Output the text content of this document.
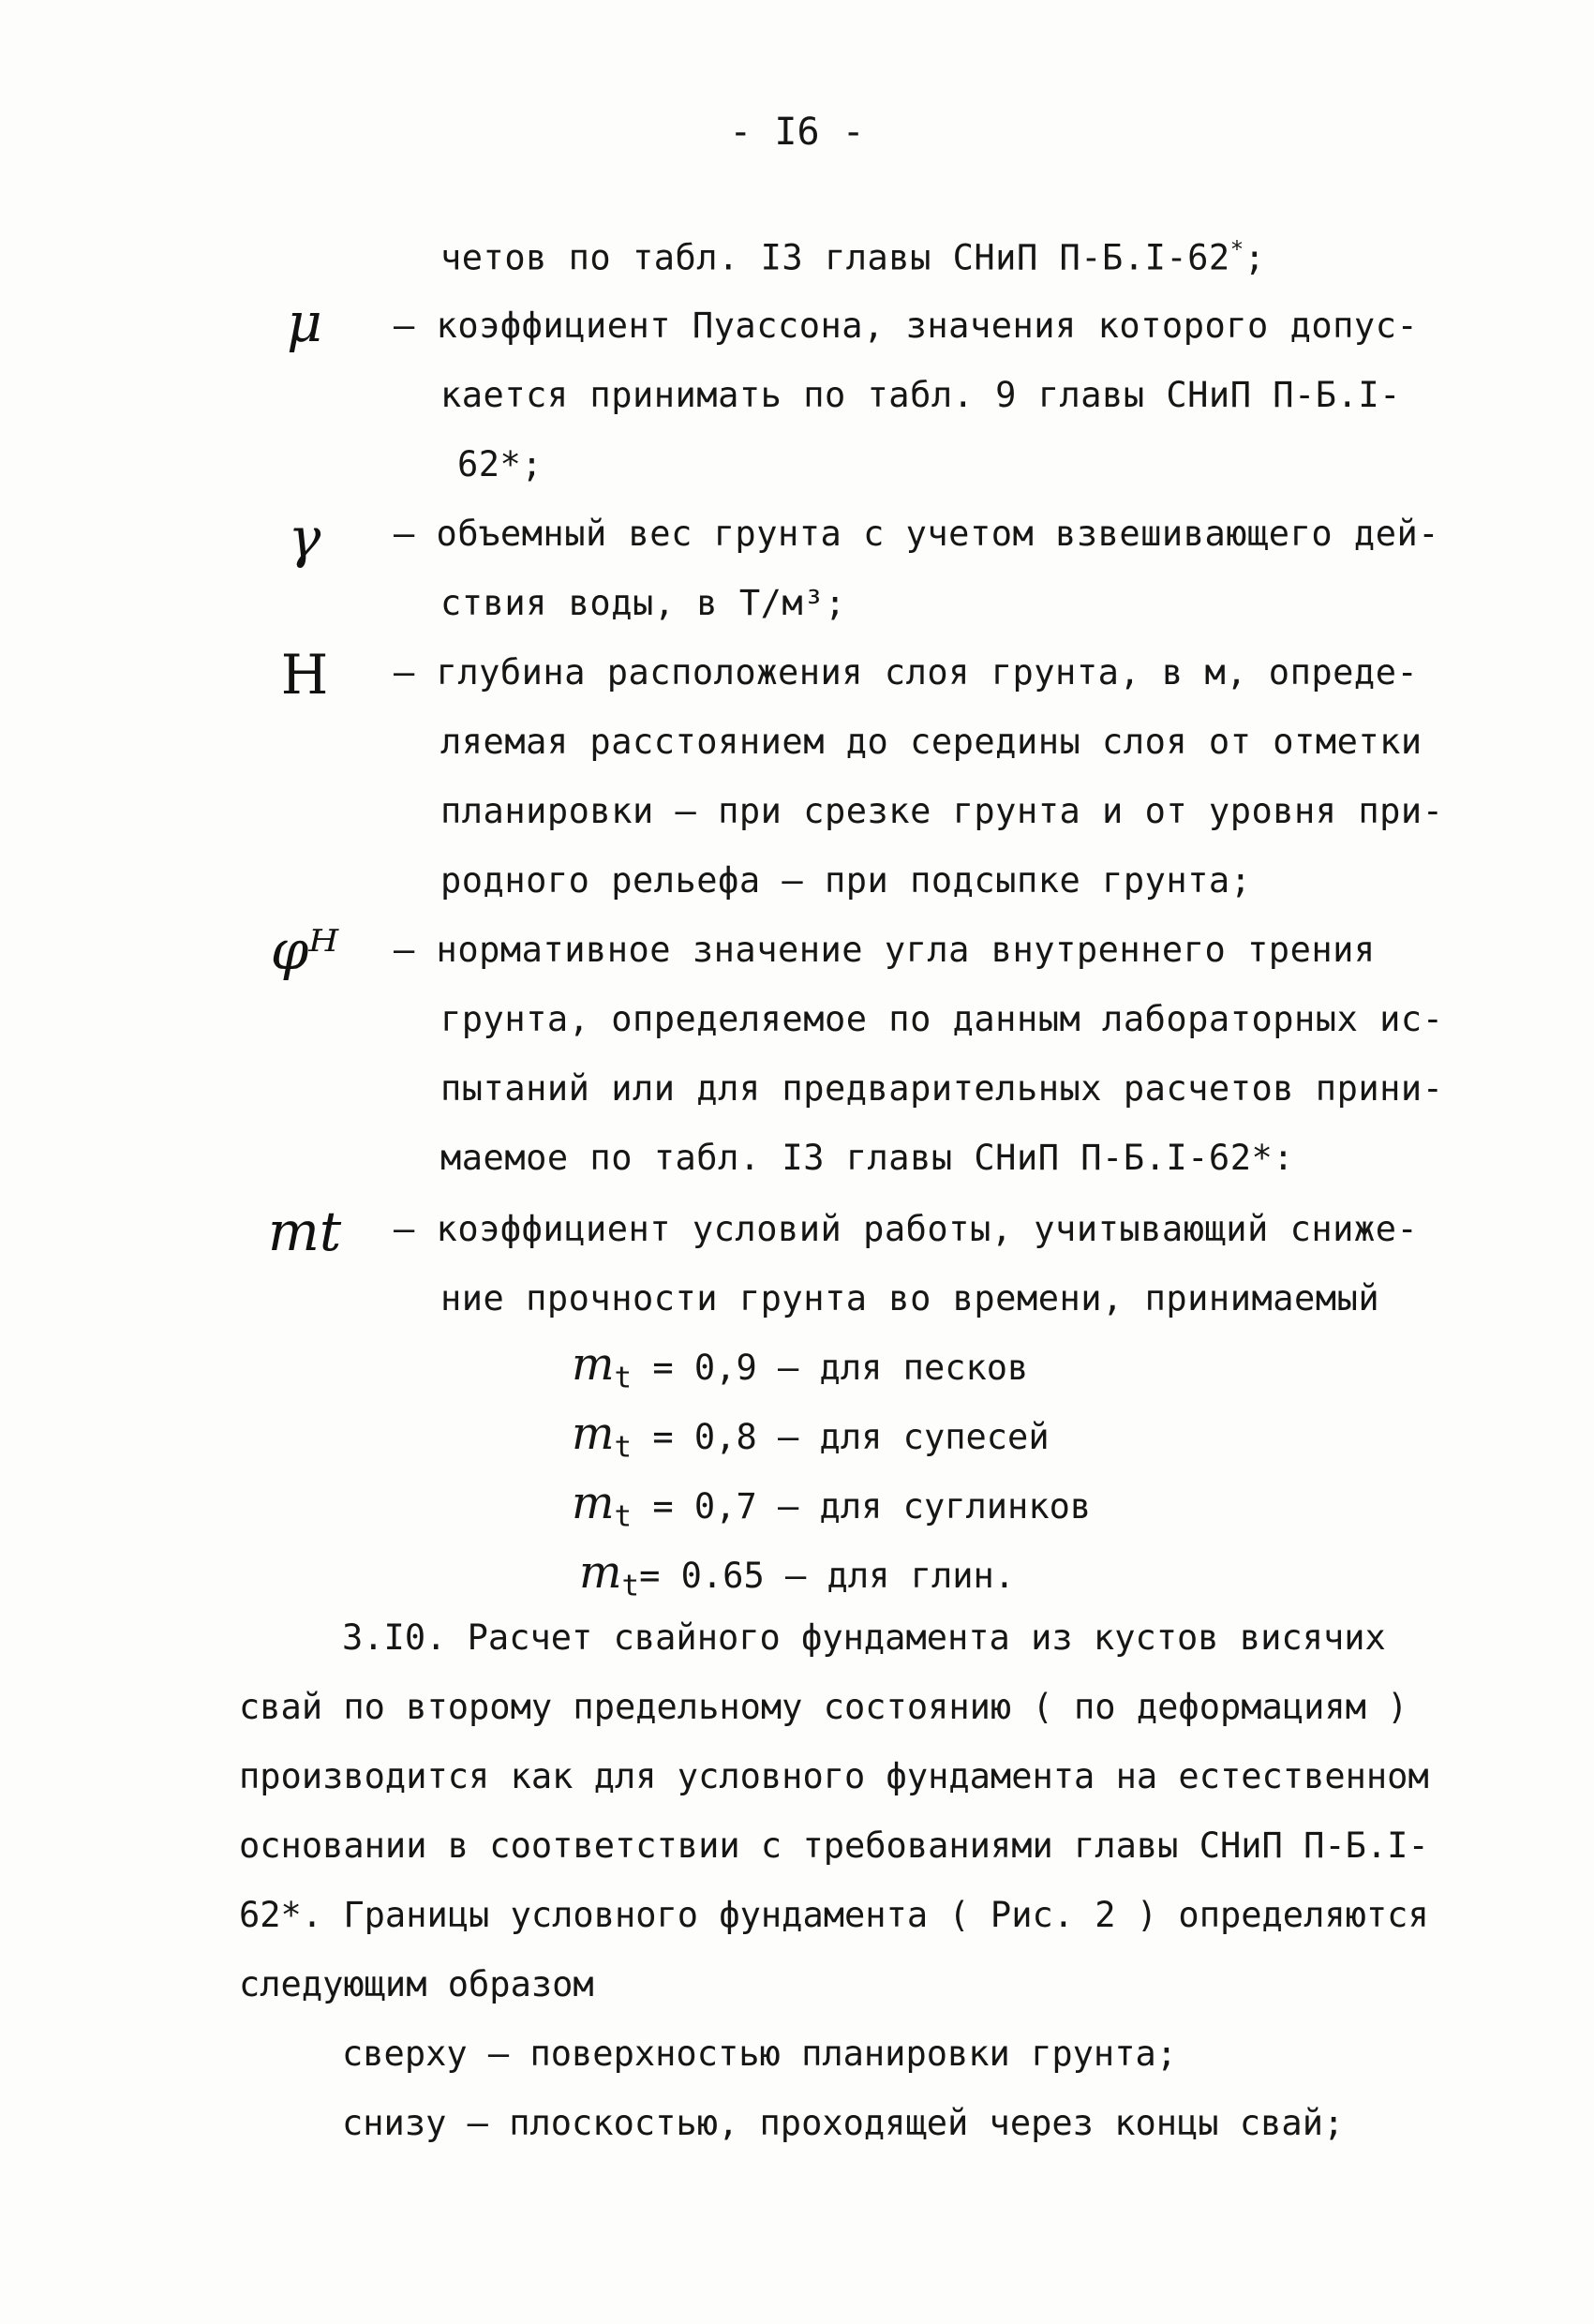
- I6 -
четов по табл. I3 главы СНиП П-Б.I-62*;
μ	– коэффициент Пуассона, значения которого допус-
кается принимать по табл. 9 главы СНиП П-Б.I-
62*;
γ	– объемный вес грунта с учетом взвешивающего дей-
ствия воды, в Т/м³;
H	– глубина расположения слоя грунта, в м, опреде-
ляемая расстоянием до середины слоя от отметки
планировки – при срезке грунта и от уровня при-
родного рельефа – при подсыпке грунта;
φᴴ	– нормативное значение угла внутреннего трения
грунта, определяемое по данным лабораторных ис-
пытаний или для предварительных расчетов прини-
маемое по табл. I3 главы СНиП П-Б.I-62*:
mt	– коэффициент условий работы, учитывающий сниже-
ние прочности грунта во времени, принимаемый
$m_t = 0,9$ – для песков
$m_t = 0,8$ – для супесей
$m_t = 0,7$ – для суглинков
$m_t= 0.65$ – для глин.
3.I0. Расчет свайного фундамента из кустов висячих
свай по второму предельному состоянию ( по деформациям )
производится как для условного фундамента на естественном
основании в соответствии с требованиями главы СНиП П-Б.I-
62*. Границы условного фундамента ( Рис. 2 ) определяются
следующим образом
сверху – поверхностью планировки грунта;
снизу – плоскостью, проходящей через концы свай;
